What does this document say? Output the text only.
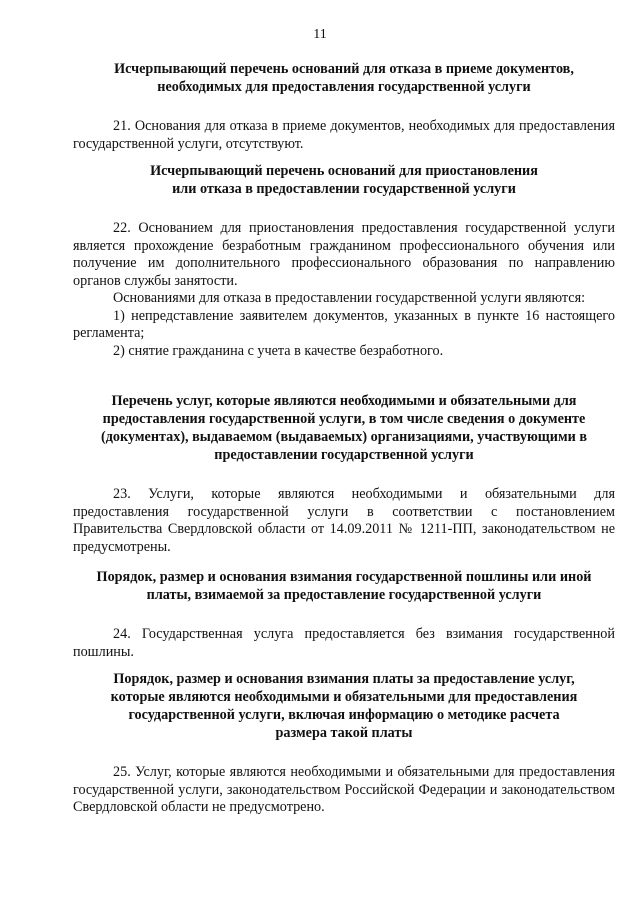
11

Исчерпывающий перечень оснований для отказа в приеме документов,
необходимых для предоставления государственной услуги

21. Основания для отказа в приеме документов, необходимых для предоставления государственной услуги, отсутствуют.

Исчерпывающий перечень оснований для приостановления
или отказа в предоставлении государственной услуги

22. Основанием для приостановления предоставления государственной услуги является прохождение безработным гражданином профессионального обучения или получение им дополнительного профессионального образования по направлению органов службы занятости.

Основаниями для отказа в предоставлении государственной услуги являются:

1) непредставление заявителем документов, указанных в пункте 16 настоящего регламента;

2) снятие гражданина с учета в качестве безработного.

Перечень услуг, которые являются необходимыми и обязательными для
предоставления государственной услуги, в том числе сведения о документе
(документах), выдаваемом (выдаваемых) организациями, участвующими в
предоставлении государственной услуги

23. Услуги, которые являются необходимыми и обязательными для предоставления государственной услуги в соответствии с постановлением Правительства Свердловской области от 14.09.2011 № 1211-ПП, законодательством не предусмотрены.

Порядок, размер и основания взимания государственной пошлины или иной
платы, взимаемой за предоставление государственной услуги

24. Государственная услуга предоставляется без взимания государственной пошлины.

Порядок, размер и основания взимания платы за предоставление услуг,
которые являются необходимыми и обязательными для предоставления
государственной услуги, включая информацию о методике расчета
размера такой платы

25. Услуг, которые являются необходимыми и обязательными для предоставления государственной услуги, законодательством Российской Федерации и законодательством Свердловской области не предусмотрено.
